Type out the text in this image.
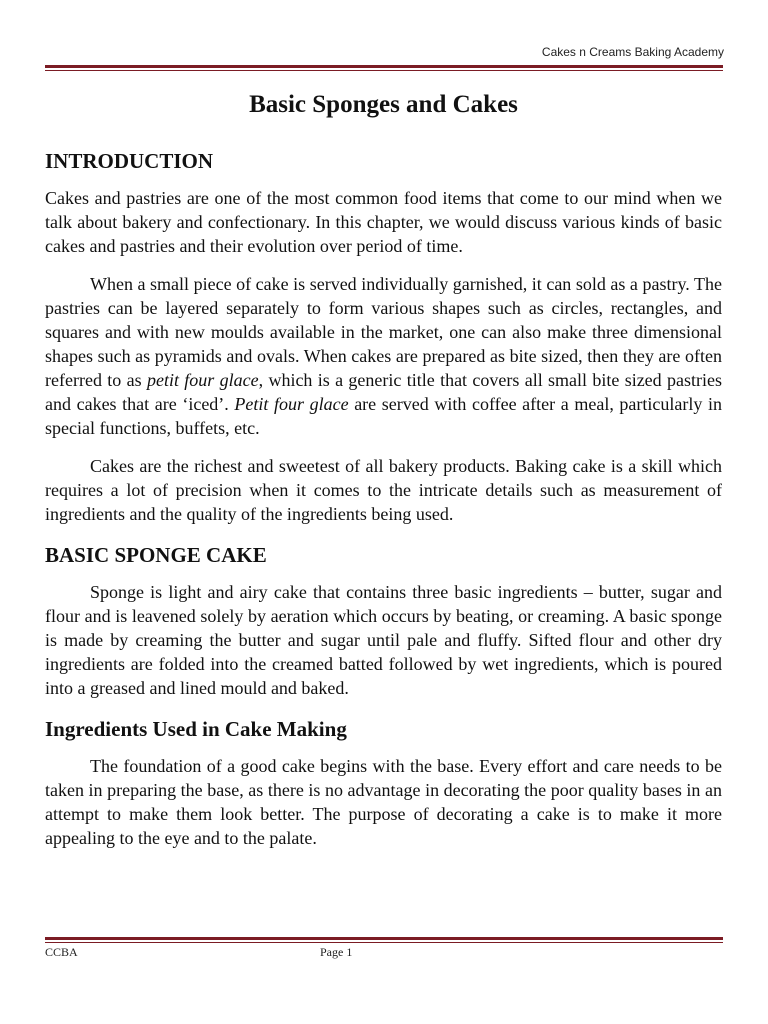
Cakes n Creams Baking Academy
Basic Sponges and Cakes
INTRODUCTION

Cakes and pastries are one of the most common food items that come to our mind when we talk about bakery and confectionary. In this chapter, we would discuss various kinds of basic cakes and pastries and their evolution over period of time.

When a small piece of cake is served individually garnished, it can sold as a pastry. The pastries can be layered separately to form various shapes such as circles, rectangles, and squares and with new moulds available in the market, one can also make three dimensional shapes such as pyramids and ovals. When cakes are prepared as bite sized, then they are often referred to as petit four glace, which is a generic title that covers all small bite sized pastries and cakes that are ‘iced’. Petit four glace are served with coffee after a meal, particularly in special functions, buffets, etc.

Cakes are the richest and sweetest of all bakery products. Baking cake is a skill which requires a lot of precision when it comes to the intricate details such as measurement of ingredients and the quality of the ingredients being used.

BASIC SPONGE CAKE

Sponge is light and airy cake that contains three basic ingredients – butter, sugar and flour and is leavened solely by aeration which occurs by beating, or creaming. A basic sponge is made by creaming the butter and sugar until pale and fluffy. Sifted flour and other dry ingredients are folded into the creamed batted followed by wet ingredients, which is poured into a greased and lined mould and baked.

Ingredients Used in Cake Making

The foundation of a good cake begins with the base. Every effort and care needs to be taken in preparing the base, as there is no advantage in decorating the poor quality bases in an attempt to make them look better. The purpose of decorating a cake is to make it more appealing to the eye and to the palate.

CCBA	Page 1
